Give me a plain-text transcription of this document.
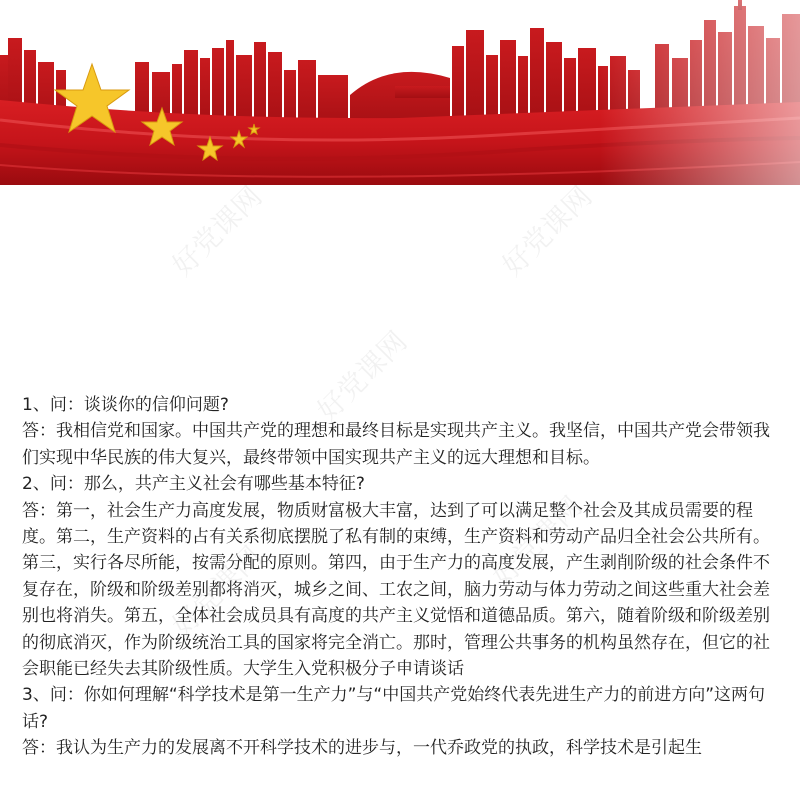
好党课网	好党课网
好党课网
好党课网
好党课网

1、问：谈谈你的信仰问题?

答：我相信党和国家。中国共产党的理想和最终目标是实现共产主义。我坚信，中国共产党会带领我们实现中华民族的伟大复兴，最终带领中国实现共产主义的远大理想和目标。

2、问：那么，共产主义社会有哪些基本特征?

答：第一，社会生产力高度发展，物质财富极大丰富，达到了可以满足整个社会及其成员需要的程度。第二，生产资料的占有关系彻底摆脱了私有制的束缚，生产资料和劳动产品归全社会公共所有。第三，实行各尽所能，按需分配的原则。第四，由于生产力的高度发展，产生剥削阶级的社会条件不复存在，阶级和阶级差别都将消灭，城乡之间、工农之间，脑力劳动与体力劳动之间这些重大社会差别也将消失。第五，全体社会成员具有高度的共产主义觉悟和道德品质。第六，随着阶级和阶级差别的彻底消灭，作为阶级统治工具的国家将完全消亡。那时，管理公共事务的机构虽然存在，但它的社会职能已经失去其阶级性质。大学生入党积极分子申请谈话

3、问：你如何理解“科学技术是第一生产力”与“中国共产党始终代表先进生产力的前进方向”这两句话?

答：我认为生产力的发展离不开科学技术的进步与，一代乔政党的执政，科学技术是引起生
